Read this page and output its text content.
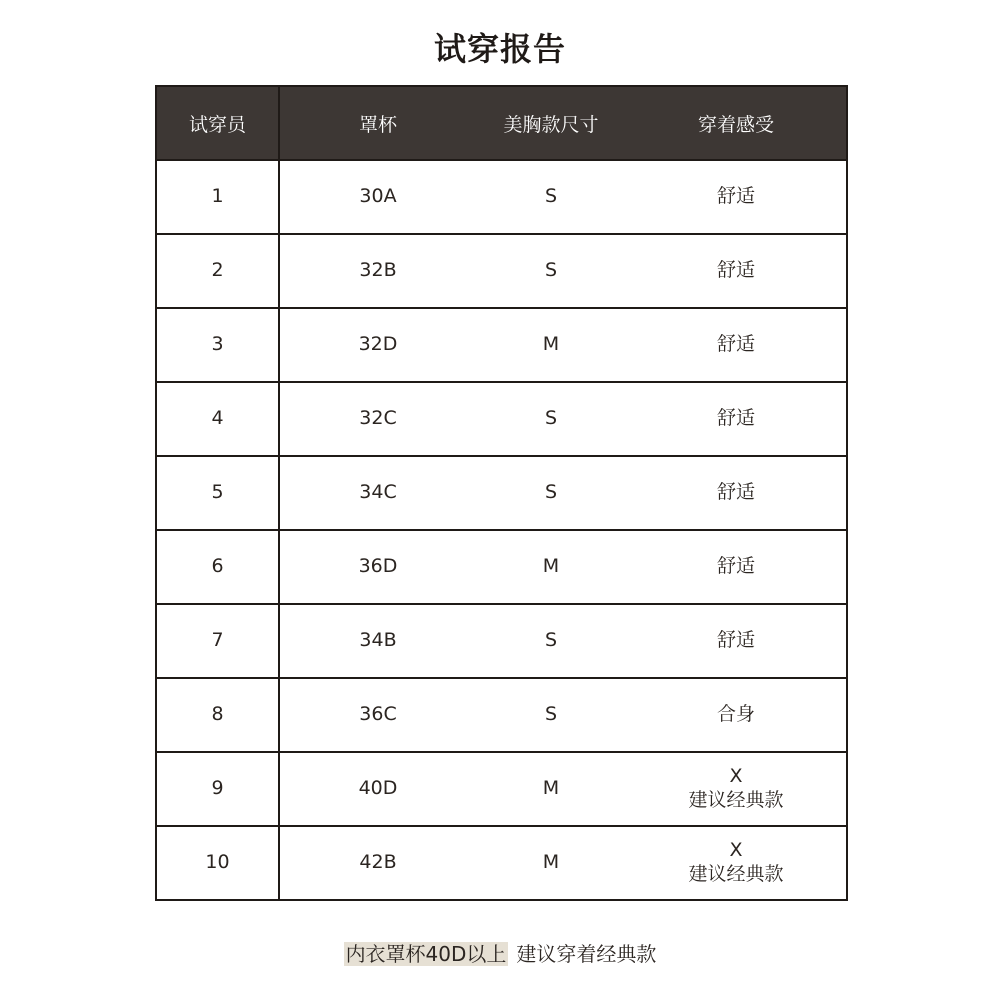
试穿报告
试穿员	罩杯	美胸款尺寸	穿着感受
1	30A	S	舒适

2	32B	S	舒适

3	32D	M	舒适

4	32C	S	舒适

5	34C	S	舒适

6	36D	M	舒适

7	34B	S	舒适

8	36C	S	合身

9	40D	M	X
建议经典款

10	42B	M	X
建议经典款
内衣罩杯40D以上 建议穿着经典款
